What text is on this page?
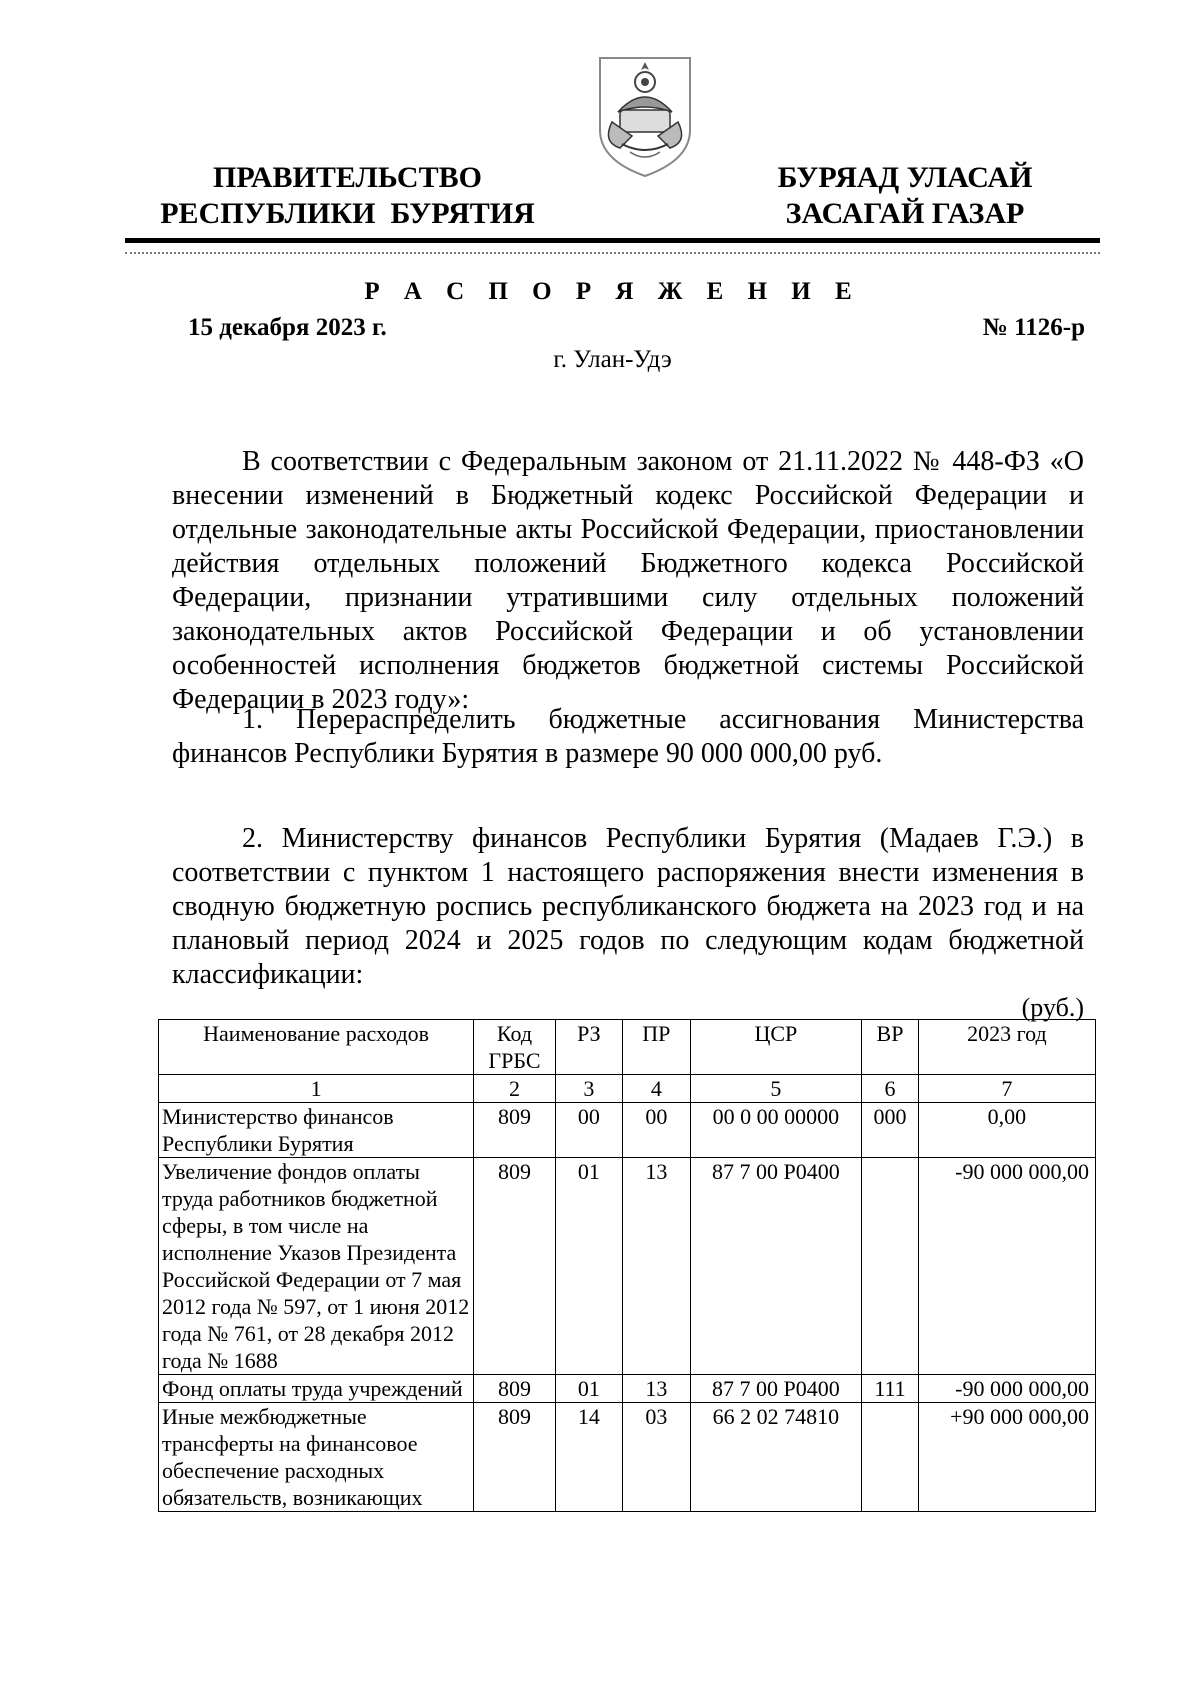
ПРАВИТЕЛЬСТВО
РЕСПУБЛИКИ  БУРЯТИЯ
БУРЯАД УЛАСАЙ
ЗАСАГАЙ ГАЗАР
Р А С П О Р Я Ж Е Н И Е
15 декабря 2023 г.	№ 1126-р
г. Улан-Удэ
В соответствии с Федеральным законом от 21.11.2022 № 448-ФЗ «О внесении изменений в Бюджетный кодекс Российской Федерации и отдельные законодательные акты Российской Федерации, приостановлении действия отдельных положений Бюджетного кодекса Российской Федерации, признании утратившими силу отдельных положений законодательных актов Российской Федерации и об установлении особенностей исполнения бюджетов бюджетной системы Российской Федерации в 2023 году»:
1. Перераспределить бюджетные ассигнования Министерства финансов Республики Бурятия в размере 90 000 000,00 руб.
2. Министерству финансов Республики Бурятия (Мадаев Г.Э.) в соответствии с пунктом 1 настоящего распоряжения внести изменения в сводную бюджетную роспись республиканского бюджета на 2023 год и на плановый период 2024 и 2025 годов по следующим кодам бюджетной классификации:
(руб.)
Наименование расходов	Код ГРБС	РЗ	ПР	ЦСР	ВР	2023 год
1	2	3	4	5	6	7
Министерство финансов Республики Бурятия	809	00	00	00 0 00 00000	000	0,00
Увеличение фондов оплаты труда работников бюджетной сферы, в том числе на исполнение Указов Президента Российской Федерации от 7 мая 2012 года № 597, от 1 июня 2012 года № 761, от 28 декабря 2012 года № 1688	809	01	13	87 7 00 P0400		-90 000 000,00
Фонд оплаты труда учреждений	809	01	13	87 7 00 P0400	111	-90 000 000,00
Иные межбюджетные трансферты на финансовое обеспечение расходных обязательств, возникающих	809	14	03	66 2 02 74810		+90 000 000,00
